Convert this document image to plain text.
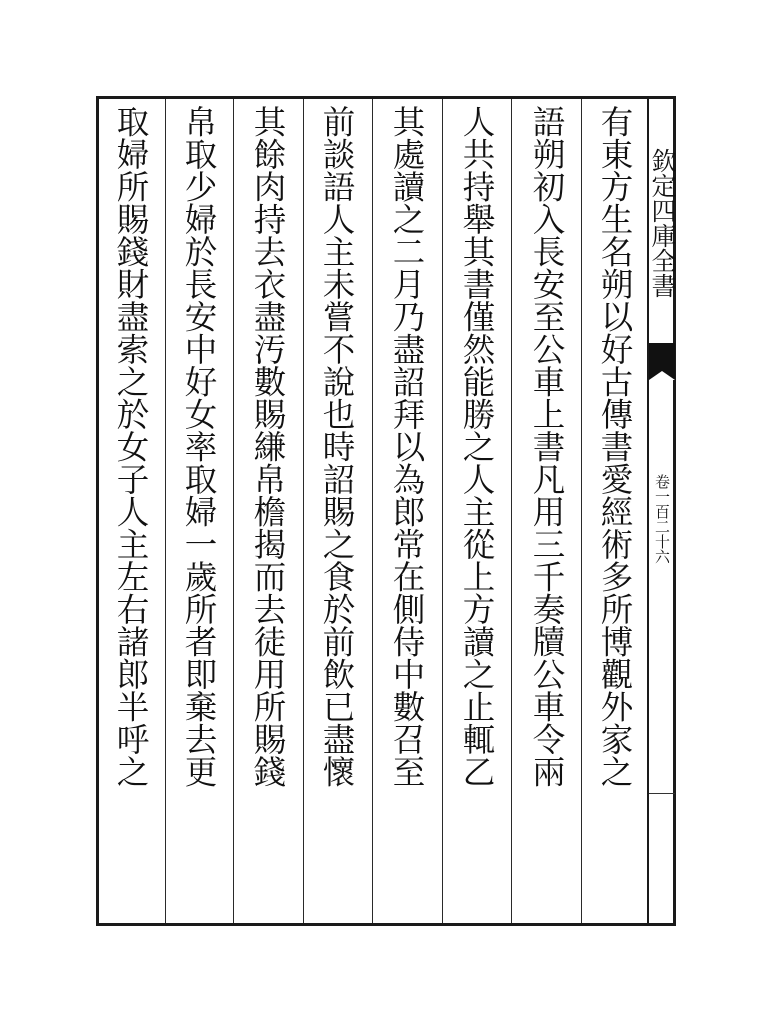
有東方生名朔以好古傳書愛經術多所博觀外家之
語朔初入長安至公車上書凡用三千奏牘公車令兩
人共持舉其書僅然能勝之人主從上方讀之止輒乙
其處讀之二月乃盡詔拜以為郎常在側侍中數召至
前談語人主未嘗不說也時詔賜之食於前飲已盡懷
其餘肉持去衣盡汚數賜縑帛檐揭而去徒用所賜錢
帛取少婦於長安中好女率取婦一歲所者即棄去更
取婦所賜錢財盡索之於女子人主左右諸郎半呼之	欽定四庫全書
卷一百二十六
